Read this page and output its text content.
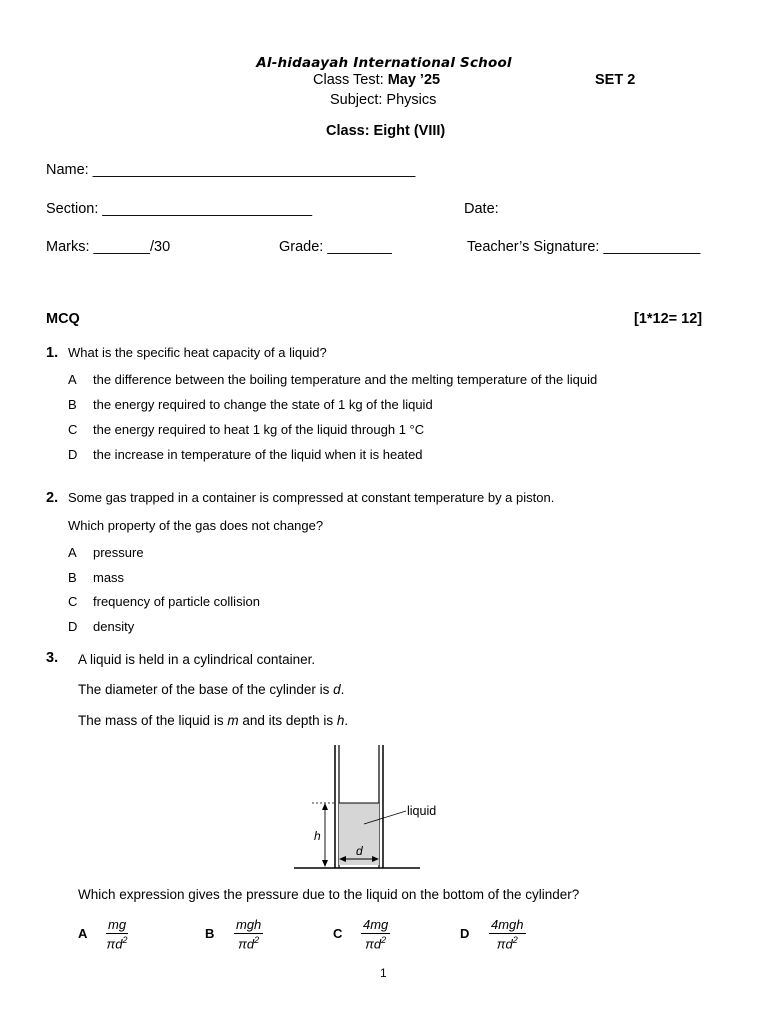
Al-hidaayah International School
Class Test: May ’25	SET 2
Subject: Physics
Class: Eight (VIII)
Name: ________________________________________
Section: __________________________	Date:
Marks: _______/30	Grade: ________	Teacher’s Signature: ____________
MCQ	[1*12= 12]
1. What is the specific heat capacity of a liquid?
A the difference between the boiling temperature and the melting temperature of the liquid
B the energy required to change the state of 1 kg of the liquid
C the energy required to heat 1 kg of the liquid through 1 °C
D the increase in temperature of the liquid when it is heated
2. Some gas trapped in a container is compressed at constant temperature by a piston.
Which property of the gas does not change?
A pressure
B mass
C frequency of particle collision
D density
3. A liquid is held in a cylindrical container.
The diameter of the base of the cylinder is d.
The mass of the liquid is m and its depth is h.
h
d
liquid
Which expression gives the pressure due to the liquid on the bottom of the cylinder?
A $\frac{mg}{\pi d^2}$	B
mgh
$\pi d^2$	C $\frac{4mg}{\pi d^2}$	D
4mgh
$\pi d^2$
1
